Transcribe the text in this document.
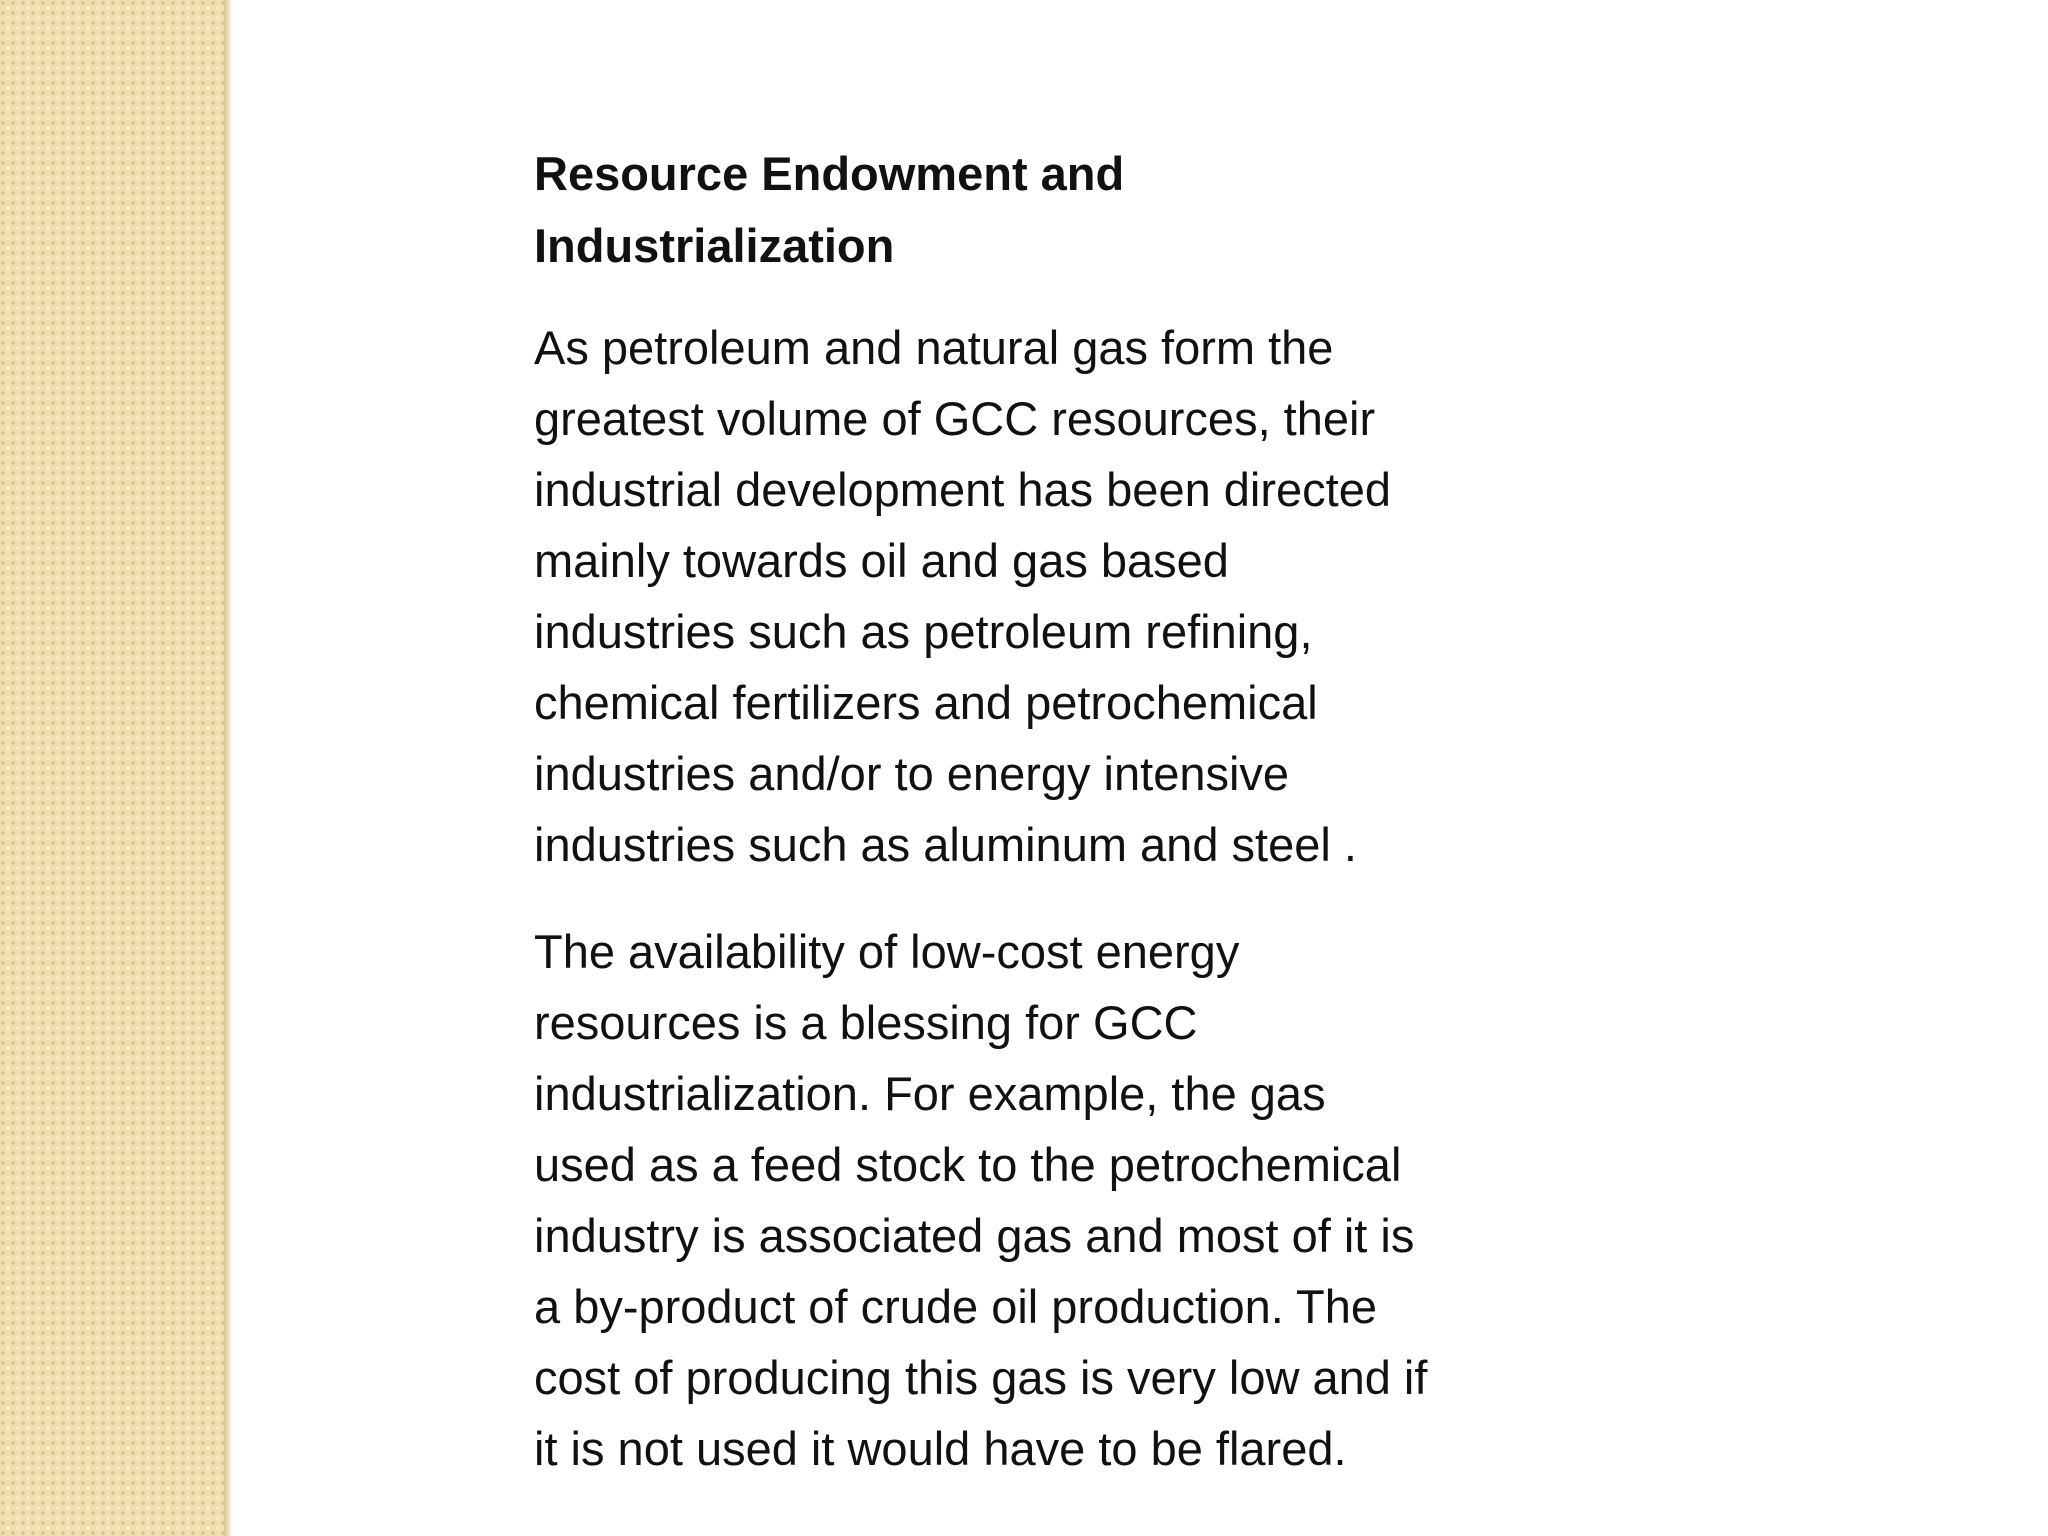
Resource Endowment and
Industrialization

As petroleum and natural gas form the
greatest volume of GCC resources, their
industrial development has been directed
mainly towards oil and gas based
industries such as petroleum refining,
chemical fertilizers and petrochemical
industries and/or to energy intensive
industries such as aluminum and steel .

The availability of low-cost energy
resources is a blessing for GCC
industrialization. For example, the gas
used as a feed stock to the petrochemical
industry is associated gas and most of it is
a by-product of crude oil production. The
cost of producing this gas is very low and if
it is not used it would have to be flared.
